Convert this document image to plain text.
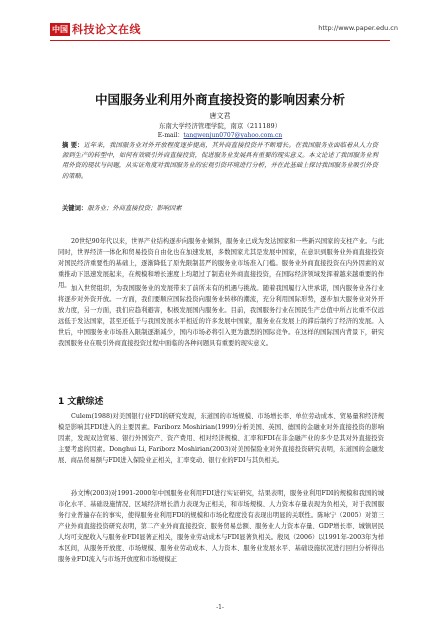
中国 科技论文在线	http://www.paper.edu.cn
中国服务业利用外商直接投资的影响因素分析
唐文君
东南大学经济管理学院，南京（211189）
E-mail：tangwenjun0707@yahoo.com.cn
摘 要：近年来，我国服务业对外开放程度逐步提高，其外商直接投资并不断增长。在我国服务业面临着从人力资源到生产的转型中，如何有效吸引外商直接投资，促进服务业发展具有重要的现实意义。本文论述了我国服务业利用外资的现状与问题，从实证角度对我国服务业的宏观引资环境进行分析，并在此基础上探讨我国服务业吸引外资的策略。
关键词：服务业；外商直接投资；影响因素

20世纪90年代以来，世界产业结构逐步向服务业倾斜，服务业已成为发达国家和一些新兴国家的支柱产业。与此同时，世界经济一体化和贸易投资自由化也在加速发展，多数国家尤其是发展中国家，在意识到服务业外商直接投资对国民经济重要性的基础上，逐渐降低了原先限制甚严的服务业市场准入门槛。服务业外商直接投资在内外因素的双重推动下迅速发展起来，在规模和增长速度上均超过了制造业外商直接投资，在国际经济领域发挥着越来越重要的作用。 加入世贸组织，为我国服务业的发展带来了前所未有的机遇与挑战。随着我国履行入世承诺，国内服务业各行业将逐步对外资开放。一方面，我们要顺应国际投资向服务业转移的潮流，充分利用国际形势，逐步加大服务业对外开放力度，另一方面，我们应趋利避害，积极发展国内服务业。目前，我国服务行业在国民生产总值中所占比重不仅远远低于发达国家，甚至还低于与我国发展水平相近的许多发展中国家，服务业在发展上的滞后制约了经济的发展。入世后，中国服务业市场准入限制逐渐减少，国内市场必将引入更为激烈的国际竞争。在这样的国际国内背景下，研究我国服务业在吸引外商直接投资过程中面临的各种问题具有重要的现实意义。

1 文献综述

Culem(1988)对美国银行业FDI的研究发现，东道国的市场规模、市场增长率、单位劳动成本、贸易量和经济规模是影响其FDI进入的主要因素。Fariborz Moshirian(1999)分析美国、英国、德国的金融业对外直接投资的影响因素，发现双边贸易、银行外国资产、资产费用、相对经济规模、汇率和FDI在非金融产业的多少是其对外直接投资主要考虑的因素。Donghui Li, Fariborz Moshirian(2003)对美国保险业对外直接投资研究表明，东道国的金融发展、商品贸易额与FDI进入保险业正相关，汇率变动、银行业的FDI与其负相关。

孙文博(2003)对1991-2000年中国服务业利用FDI进行实证研究，结果表明，服务业利用FDI的规模和我国的城市化水平、基础设施情况、区域经济增长潜力表现为正相关，和市场规模、人力资本存量表现为负相关，对于我国服务行业普遍存在的事实，使得服务业利用FDI的规模和市场化程度没有表现出明显的关联性。陈咏宁（2005）对第三产业外商直接投资研究表明，第二产业外商直接投资、服务贸易总额、服务业人力资本存量、GDP增长率、城镇居民人均可支配收入与服务业FDI显著正相关，服务业劳动成本与FDI显著负相关。殷凤（2006）以1991年-2003年为样本区间，从服务开放度、市场规模、服务业劳动成本、人力资本、服务业发展水平、基础设施状况进行回归分析得出服务业FDI流入与市场开放度和市场规模正

-1-
